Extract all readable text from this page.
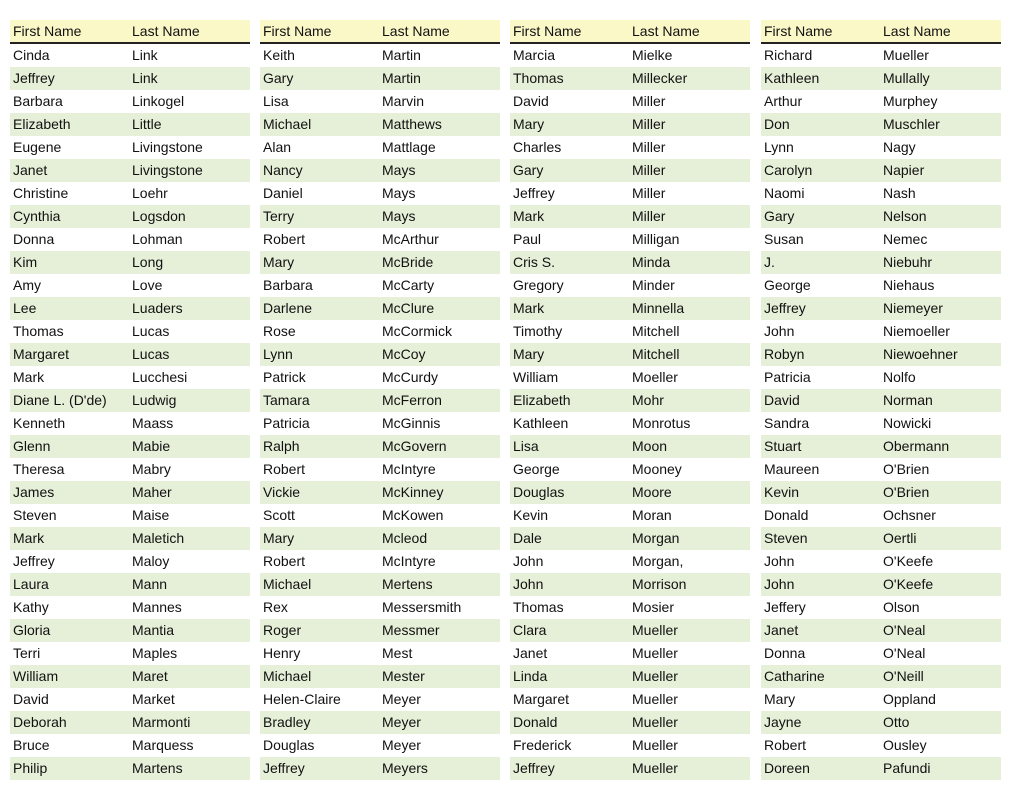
First Name	Last Name
Cinda	Link
Jeffrey	Link
Barbara	Linkogel
Elizabeth	Little
Eugene	Livingstone
Janet	Livingstone
Christine	Loehr
Cynthia	Logsdon
Donna	Lohman
Kim	Long
Amy	Love
Lee	Luaders
Thomas	Lucas
Margaret	Lucas
Mark	Lucchesi
Diane L. (D'de)	Ludwig
Kenneth	Maass
Glenn	Mabie
Theresa	Mabry
James	Maher
Steven	Maise
Mark	Maletich
Jeffrey	Maloy
Laura	Mann
Kathy	Mannes
Gloria	Mantia
Terri	Maples
William	Maret
David	Market
Deborah	Marmonti
Bruce	Marquess
Philip	Martens
First Name	Last Name
Keith	Martin
Gary	Martin
Lisa	Marvin
Michael	Matthews
Alan	Mattlage
Nancy	Mays
Daniel	Mays
Terry	Mays
Robert	McArthur
Mary	McBride
Barbara	McCarty
Darlene	McClure
Rose	McCormick
Lynn	McCoy
Patrick	McCurdy
Tamara	McFerron
Patricia	McGinnis
Ralph	McGovern
Robert	McIntyre
Vickie	McKinney
Scott	McKowen
Mary	Mcleod
Robert	McIntyre
Michael	Mertens
Rex	Messersmith
Roger	Messmer
Henry	Mest
Michael	Mester
Helen-Claire	Meyer
Bradley	Meyer
Douglas	Meyer
Jeffrey	Meyers
First Name	Last Name
Marcia	Mielke
Thomas	Millecker
David	Miller
Mary	Miller
Charles	Miller
Gary	Miller
Jeffrey	Miller
Mark	Miller
Paul	Milligan
Cris S.	Minda
Gregory	Minder
Mark	Minnella
Timothy	Mitchell
Mary	Mitchell
William	Moeller
Elizabeth	Mohr
Kathleen	Monrotus
Lisa	Moon
George	Mooney
Douglas	Moore
Kevin	Moran
Dale	Morgan
John	Morgan,
John	Morrison
Thomas	Mosier
Clara	Mueller
Janet	Mueller
Linda	Mueller
Margaret	Mueller
Donald	Mueller
Frederick	Mueller
Jeffrey	Mueller
First Name	Last Name
Richard	Mueller
Kathleen	Mullally
Arthur	Murphey
Don	Muschler
Lynn	Nagy
Carolyn	Napier
Naomi	Nash
Gary	Nelson
Susan	Nemec
J.	Niebuhr
George	Niehaus
Jeffrey	Niemeyer
John	Niemoeller
Robyn	Niewoehner
Patricia	Nolfo
David	Norman
Sandra	Nowicki
Stuart	Obermann
Maureen	O'Brien
Kevin	O'Brien
Donald	Ochsner
Steven	Oertli
John	O'Keefe
John	O'Keefe
Jeffery	Olson
Janet	O'Neal
Donna	O'Neal
Catharine	O'Neill
Mary	Oppland
Jayne	Otto
Robert	Ousley
Doreen	Pafundi
